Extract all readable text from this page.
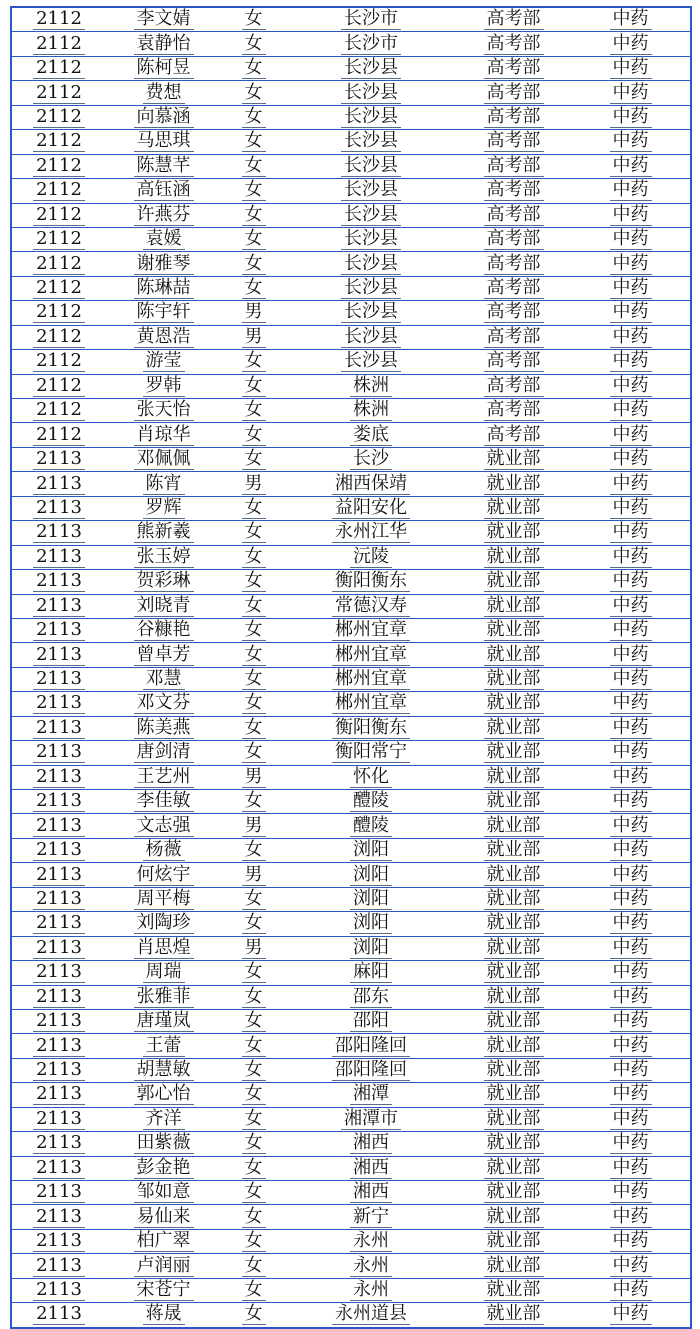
2112	李文婧	女	长沙市	高考部	中药
2112	袁静怡	女	长沙市	高考部	中药
2112	陈柯昱	女	长沙县	高考部	中药
2112	费想	女	长沙县	高考部	中药
2112	向慕涵	女	长沙县	高考部	中药
2112	马思琪	女	长沙县	高考部	中药
2112	陈慧芊	女	长沙县	高考部	中药
2112	高钰涵	女	长沙县	高考部	中药
2112	许燕芬	女	长沙县	高考部	中药
2112	袁媛	女	长沙县	高考部	中药
2112	谢雅琴	女	长沙县	高考部	中药
2112	陈琳喆	女	长沙县	高考部	中药
2112	陈宇轩	男	长沙县	高考部	中药
2112	黄恩浩	男	长沙县	高考部	中药
2112	游莹	女	长沙县	高考部	中药
2112	罗韩	女	株洲	高考部	中药
2112	张天怡	女	株洲	高考部	中药
2112	肖琼华	女	娄底	高考部	中药
2113	邓佩佩	女	长沙	就业部	中药
2113	陈宵	男	湘西保靖	就业部	中药
2113	罗辉	女	益阳安化	就业部	中药
2113	熊新羲	女	永州江华	就业部	中药
2113	张玉婷	女	沅陵	就业部	中药
2113	贺彩琳	女	衡阳衡东	就业部	中药
2113	刘晓青	女	常德汉寿	就业部	中药
2113	谷糠艳	女	郴州宜章	就业部	中药
2113	曾卓芳	女	郴州宜章	就业部	中药
2113	邓慧	女	郴州宜章	就业部	中药
2113	邓文芬	女	郴州宜章	就业部	中药
2113	陈美燕	女	衡阳衡东	就业部	中药
2113	唐剑清	女	衡阳常宁	就业部	中药
2113	王艺州	男	怀化	就业部	中药
2113	李佳敏	女	醴陵	就业部	中药
2113	文志强	男	醴陵	就业部	中药
2113	杨薇	女	浏阳	就业部	中药
2113	何炫宇	男	浏阳	就业部	中药
2113	周平梅	女	浏阳	就业部	中药
2113	刘陶珍	女	浏阳	就业部	中药
2113	肖思煌	男	浏阳	就业部	中药
2113	周瑞	女	麻阳	就业部	中药
2113	张雅菲	女	邵东	就业部	中药
2113	唐瑾岚	女	邵阳	就业部	中药
2113	王蕾	女	邵阳隆回	就业部	中药
2113	胡慧敏	女	邵阳隆回	就业部	中药
2113	郭心怡	女	湘潭	就业部	中药
2113	齐洋	女	湘潭市	就业部	中药
2113	田紫薇	女	湘西	就业部	中药
2113	彭金艳	女	湘西	就业部	中药
2113	邹如意	女	湘西	就业部	中药
2113	易仙来	女	新宁	就业部	中药
2113	柏广翠	女	永州	就业部	中药
2113	卢润丽	女	永州	就业部	中药
2113	宋苍宁	女	永州	就业部	中药
2113	蒋晟	女	永州道县	就业部	中药
